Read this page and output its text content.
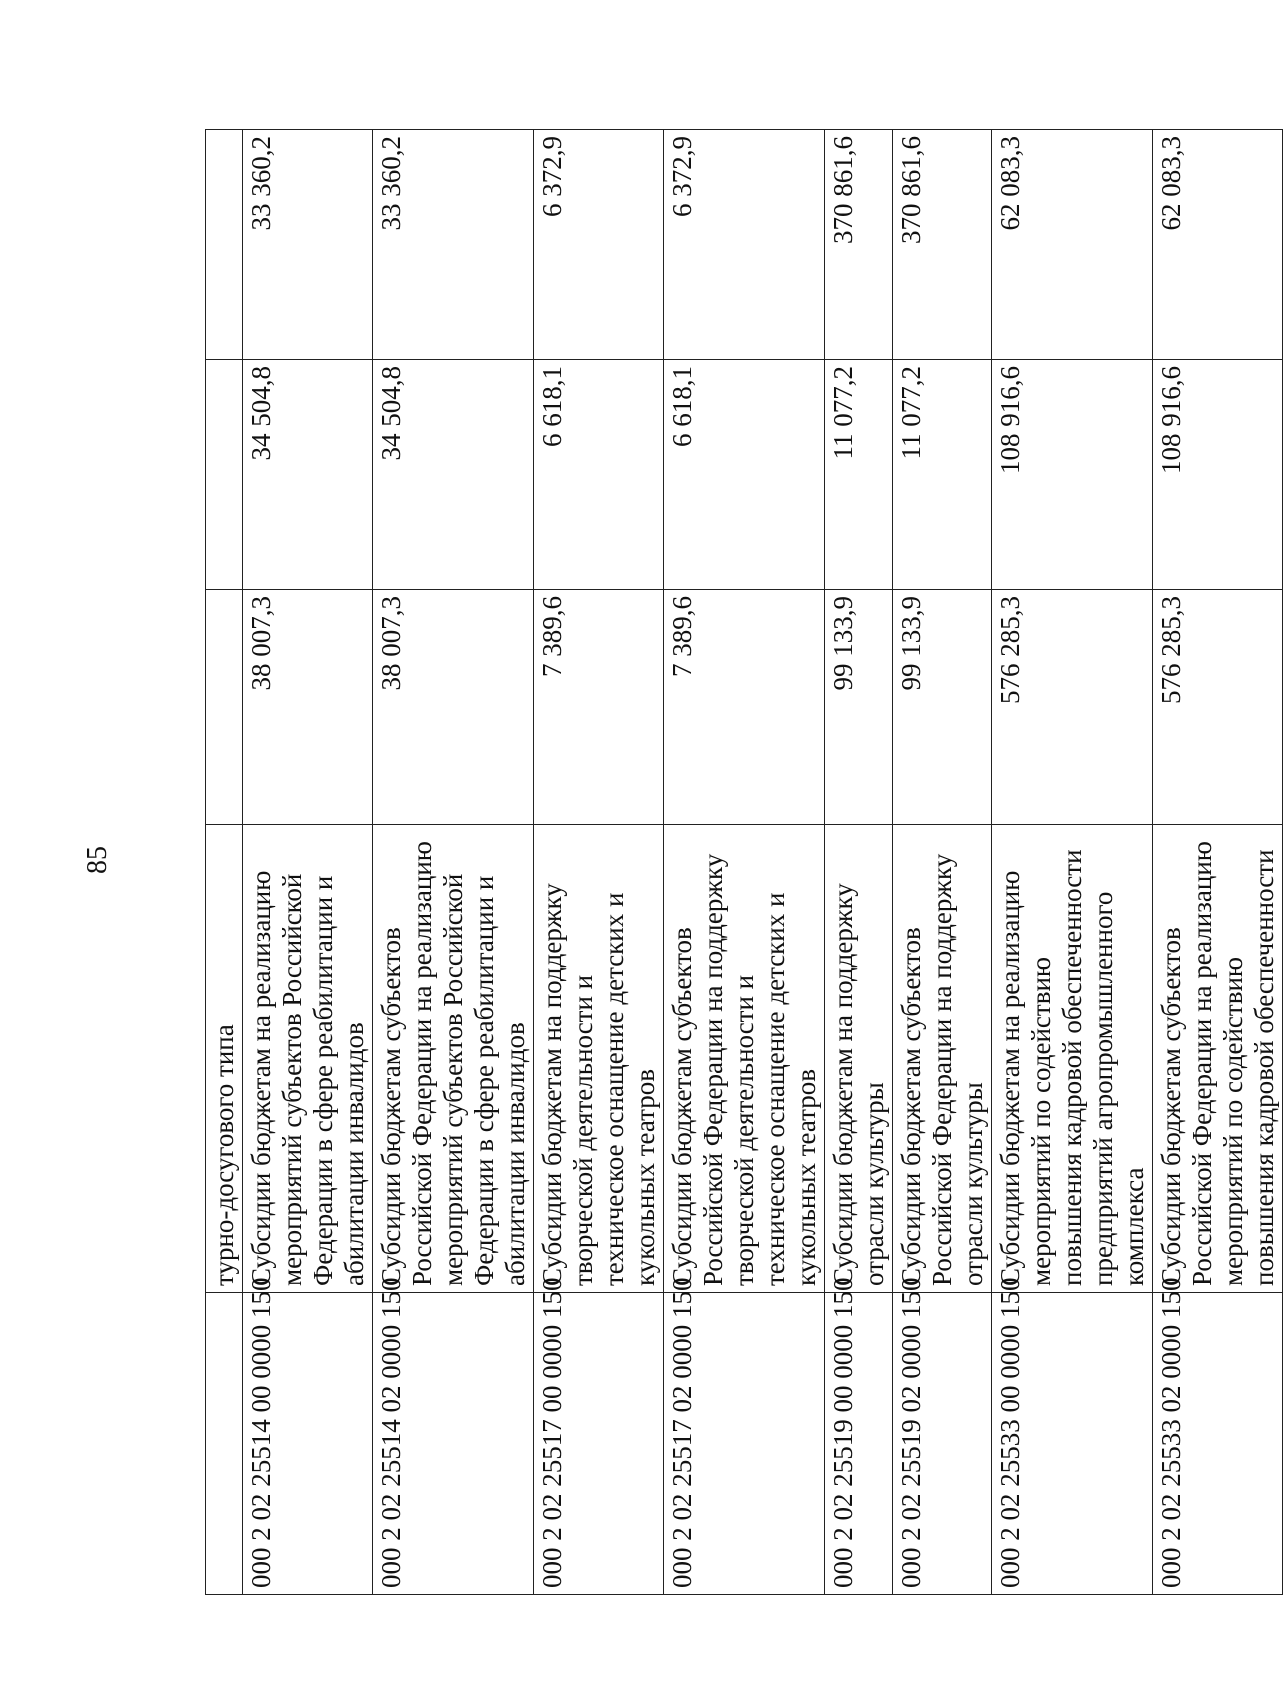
85
	турно-досугового типа			
000 2 02 25514 00 0000 150	Субсидии бюджетам на реализацию мероприятий субъектов Российской Федерации в сфере реабилитации и абилитации инвалидов	38 007,3	34 504,8	33 360,2
000 2 02 25514 02 0000 150	Субсидии бюджетам субъектов Российской Федерации на реализацию мероприятий субъектов Российской Федерации в сфере реабилитации и абилитации инвалидов	38 007,3	34 504,8	33 360,2
000 2 02 25517 00 0000 150	Субсидии бюджетам на поддержку творческой деятельности и техническое оснащение детских и кукольных театров	7 389,6	6 618,1	6 372,9
000 2 02 25517 02 0000 150	Субсидии бюджетам субъектов Российской Федерации на поддержку творческой деятельности и техническое оснащение детских и кукольных театров	7 389,6	6 618,1	6 372,9
000 2 02 25519 00 0000 150	Субсидии бюджетам на поддержку отрасли культуры	99 133,9	11 077,2	370 861,6
000 2 02 25519 02 0000 150	Субсидии бюджетам субъектов Российской Федерации на поддержку отрасли культуры	99 133,9	11 077,2	370 861,6
000 2 02 25533 00 0000 150	Субсидии бюджетам на реализацию мероприятий по содействию повышения кадровой обеспеченности предприятий агропромышленного комплекса	576 285,3	108 916,6	62 083,3
000 2 02 25533 02 0000 150	Субсидии бюджетам субъектов Российской Федерации на реализацию мероприятий по содействию повышения кадровой обеспеченности	576 285,3	108 916,6	62 083,3
